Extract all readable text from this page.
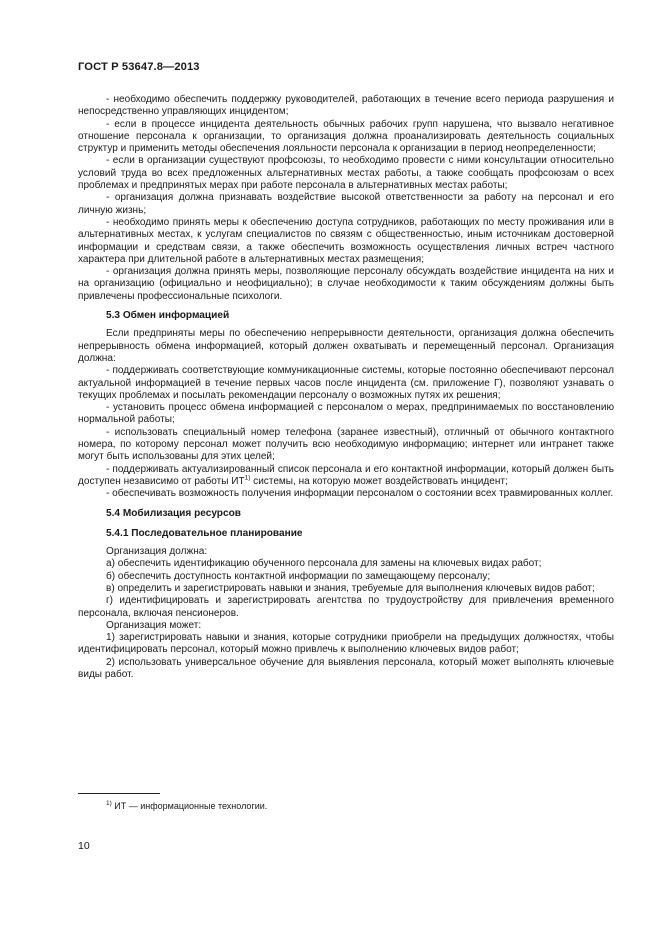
ГОСТ Р 53647.8—2013

- необходимо обеспечить поддержку руководителей, работающих в течение всего периода разрушения и непосредственно управляющих инцидентом;

- если в процессе инцидента деятельность обычных рабочих групп нарушена, что вызвало негативное отношение персонала к организации, то организация должна проанализировать деятельность социальных структур и применить методы обеспечения лояльности персонала к организации в период неопределенности;

- если в организации существуют профсоюзы, то необходимо провести с ними консультации относительно условий труда во всех предложенных альтернативных местах работы, а также сообщать профсоюзам о всех проблемах и предпринятых мерах при работе персонала в альтернативных местах работы;

- организация должна признавать воздействие высокой ответственности за работу на персонал и его личную жизнь;

- необходимо принять меры к обеспечению доступа сотрудников, работающих по месту проживания или в альтернативных местах, к услугам специалистов по связям с общественностью, иным источникам достоверной информации и средствам связи, а также обеспечить возможность осуществления личных встреч частного характера при длительной работе в альтернативных местах размещения;

- организация должна принять меры, позволяющие персоналу обсуждать воздействие инцидента на них и на организацию (официально и неофициально); в случае необходимости к таким обсуждениям должны быть привлечены профессиональные психологи.

5.3 Обмен информацией

Если предприняты меры по обеспечению непрерывности деятельности, организация должна обеспечить непрерывность обмена информацией, который должен охватывать и перемещенный персонал. Организация должна:

- поддерживать соответствующие коммуникационные системы, которые постоянно обеспечивают персонал актуальной информацией в течение первых часов после инцидента (см. приложение Г), позволяют узнавать о текущих проблемах и посылать рекомендации персоналу о возможных путях их решения;

- установить процесс обмена информацией с персоналом о мерах, предпринимаемых по восстановлению нормальной работы;

- использовать специальный номер телефона (заранее известный), отличный от обычного контактного номера, по которому персонал может получить всю необходимую информацию; интернет или интранет также могут быть использованы для этих целей;

- поддерживать актуализированный список персонала и его контактной информации, который должен быть доступен независимо от работы ИТ$^{1)}$ системы, на которую может воздействовать инцидент;

- обеспечивать возможность получения информации персоналом о состоянии всех травмированных коллег.

5.4 Мобилизация ресурсов
5.4.1 Последовательное планирование

Организация должна:

а) обеспечить идентификацию обученного персонала для замены на ключевых видах работ;

б) обеспечить доступность контактной информации по замещающему персоналу;

в) определить и зарегистрировать навыки и знания, требуемые для выполнения ключевых видов работ;

г) идентифицировать и зарегистрировать агентства по трудоустройству для привлечения временного персонала, включая пенсионеров.

Организация может:

1) зарегистрировать навыки и знания, которые сотрудники приобрели на предыдущих должностях, чтобы идентифицировать персонал, который можно привлечь к выполнению ключевых видов работ;

2) использовать универсальное обучение для выявления персонала, который может выполнять ключевые виды работ.

$^{1)}$ ИТ — информационные технологии.
10
